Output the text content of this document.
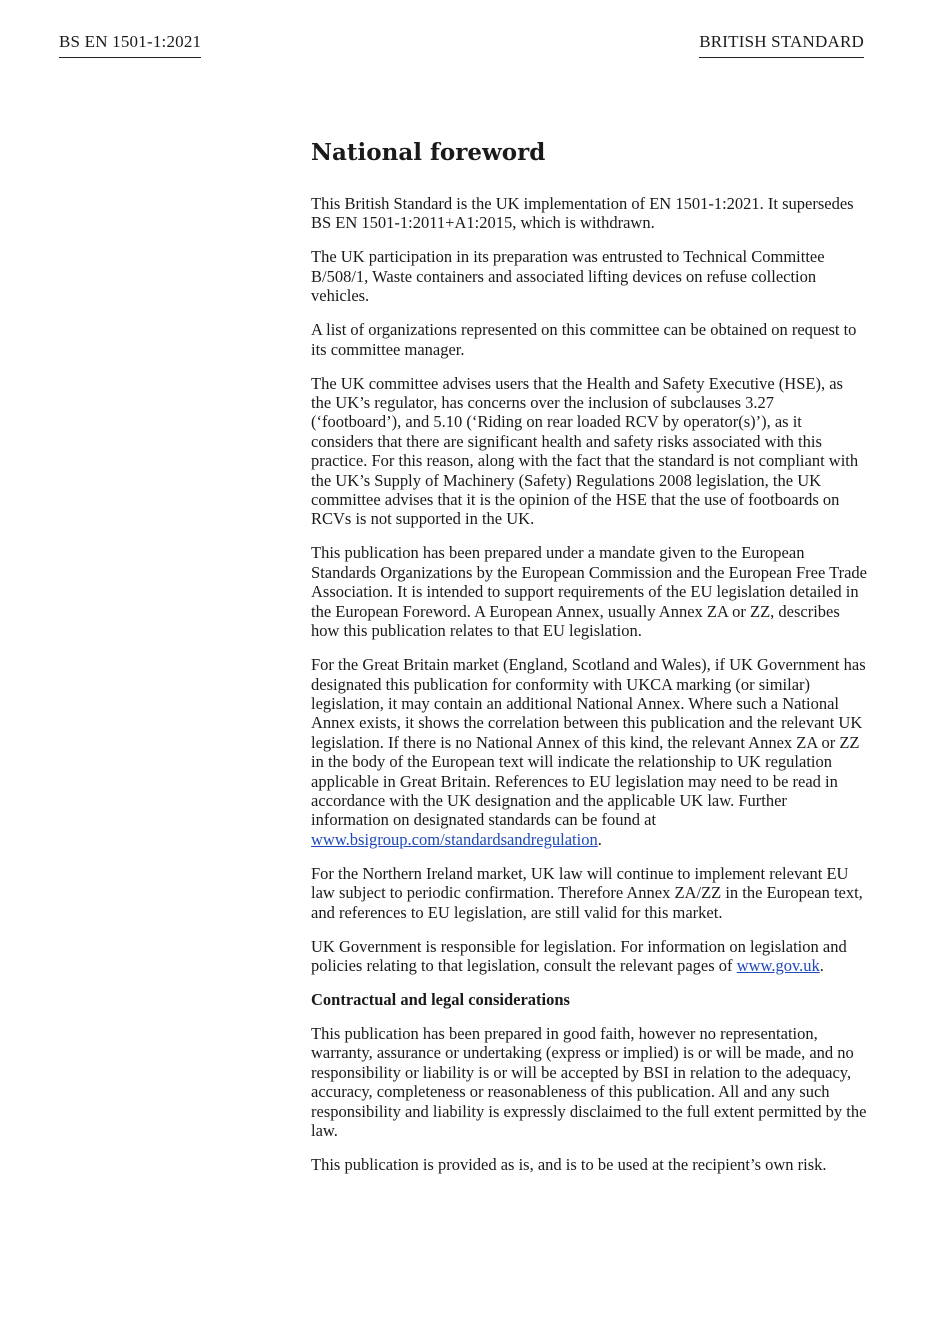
BS EN 1501-1:2021	BRITISH STANDARD
National foreword

This British Standard is the UK implementation of EN 1501-1:2021. It supersedes BS EN 1501-1:2011+A1:2015, which is withdrawn.

The UK participation in its preparation was entrusted to Technical Committee B/508/1, Waste containers and associated lifting devices on refuse collection vehicles.

A list of organizations represented on this committee can be obtained on request to its committee manager.

The UK committee advises users that the Health and Safety Executive (HSE), as the UK’s regulator, has concerns over the inclusion of subclauses 3.27 (‘footboard’), and 5.10 (‘Riding on rear loaded RCV by operator(s)’), as it considers that there are significant health and safety risks associated with this practice. For this reason, along with the fact that the standard is not compliant with the UK’s Supply of Machinery (Safety) Regulations 2008 legislation, the UK committee advises that it is the opinion of the HSE that the use of footboards on RCVs is not supported in the UK.

This publication has been prepared under a mandate given to the European Standards Organizations by the European Commission and the European Free Trade Association. It is intended to support requirements of the EU legislation detailed in the European Foreword. A European Annex, usually Annex ZA or ZZ, describes how this publication relates to that EU legislation.

For the Great Britain market (England, Scotland and Wales), if UK Government has designated this publication for conformity with UKCA marking (or similar) legislation, it may contain an additional National Annex. Where such a National Annex exists, it shows the correlation between this publication and the relevant UK legislation. If there is no National Annex of this kind, the relevant Annex ZA or ZZ in the body of the European text will indicate the relationship to UK regulation applicable in Great Britain. References to EU legislation may need to be read in accordance with the UK designation and the applicable UK law. Further information on designated standards can be found at www.bsigroup.com/standardsandregulation.

For the Northern Ireland market, UK law will continue to implement relevant EU law subject to periodic confirmation. Therefore Annex ZA/ZZ in the European text, and references to EU legislation, are still valid for this market.

UK Government is responsible for legislation. For information on legislation and policies relating to that legislation, consult the relevant pages of www.gov.uk.

Contractual and legal considerations

This publication has been prepared in good faith, however no representation, warranty, assurance or undertaking (express or implied) is or will be made, and no responsibility or liability is or will be accepted by BSI in relation to the adequacy, accuracy, completeness or reasonableness of this publication. All and any such responsibility and liability is expressly disclaimed to the full extent permitted by the law.

This publication is provided as is, and is to be used at the recipient’s own risk.
